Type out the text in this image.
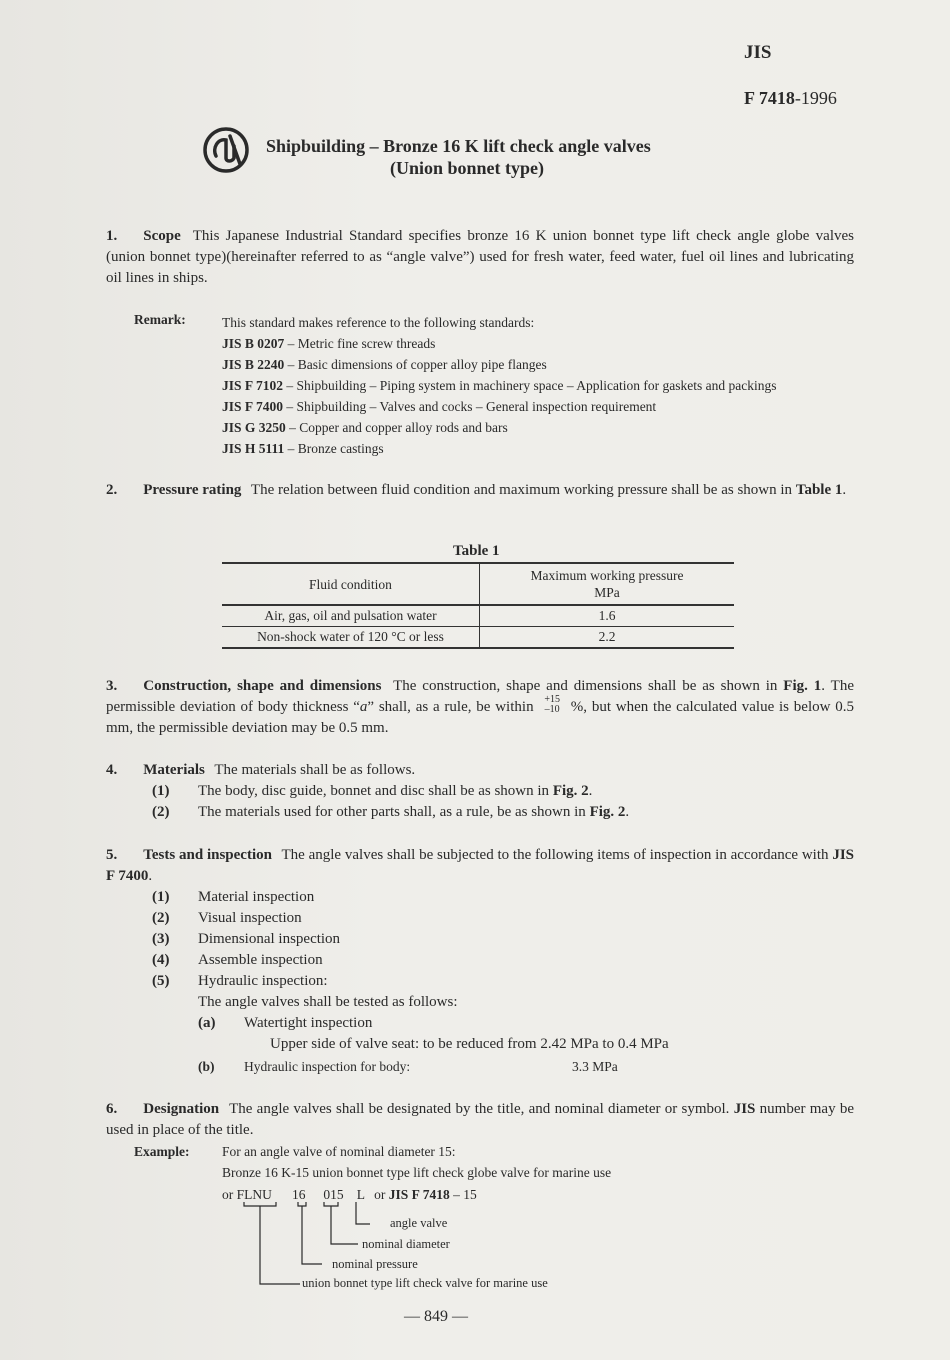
JIS
F 7418-1996
Shipbuilding – Bronze 16 K lift check angle valves
(Union bonnet type)
1. Scope This Japanese Industrial Standard specifies bronze 16 K union bonnet type lift check angle globe valves (union bonnet type)(hereinafter referred to as “angle valve”) used for fresh water, feed water, fuel oil lines and lubricating oil lines in ships.
Remark:	This standard makes reference to the following standards:
JIS B 0207 – Metric fine screw threads
JIS B 2240 – Basic dimensions of copper alloy pipe flanges
JIS F 7102 – Shipbuilding – Piping system in machinery space – Application for gaskets and packings
JIS F 7400 – Shipbuilding – Valves and cocks – General inspection requirement
JIS G 3250 – Copper and copper alloy rods and bars
JIS H 5111 – Bronze castings
2. Pressure rating The relation between fluid condition and maximum working pressure shall be as shown in Table 1.
Table 1
Fluid condition	Maximum working pressure
MPa
Air, gas, oil and pulsation water	1.6
Non-shock water of 120 °C or less	2.2
3. Construction, shape and dimensions The construction, shape and dimensions shall be as shown in Fig. 1. The permissible deviation of body thickness “a” shall, as a rule, be within +15
–10 %, but when the calculated value is below 0.5 mm, the permissible deviation may be 0.5 mm.
4. Materials The materials shall be as follows.
(1) The body, disc guide, bonnet and disc shall be as shown in Fig. 2.
(2) The materials used for other parts shall, as a rule, be as shown in Fig. 2.
5. Tests and inspection The angle valves shall be subjected to the following items of inspection in accordance with JIS F 7400.
(1) Material inspection
(2) Visual inspection
(3) Dimensional inspection
(4) Assemble inspection
(5) Hydraulic inspection:
The angle valves shall be tested as follows:
(a) Watertight inspection
Upper side of valve seat: to be reduced from 2.42 MPa to 0.4 MPa
(b) Hydraulic inspection for body:	3.3 MPa
6. Designation The angle valves shall be designated by the title, and nominal diameter or symbol. JIS number may be used in place of the title.
Example: For an angle valve of nominal diameter 15:
Bronze 16 K-15 union bonnet type lift check globe valve for marine use
or FLNU 16 015 L or JIS F 7418 – 15
angle valve
nominal diameter
nominal pressure
union bonnet type lift check valve for marine use
— 849 —
